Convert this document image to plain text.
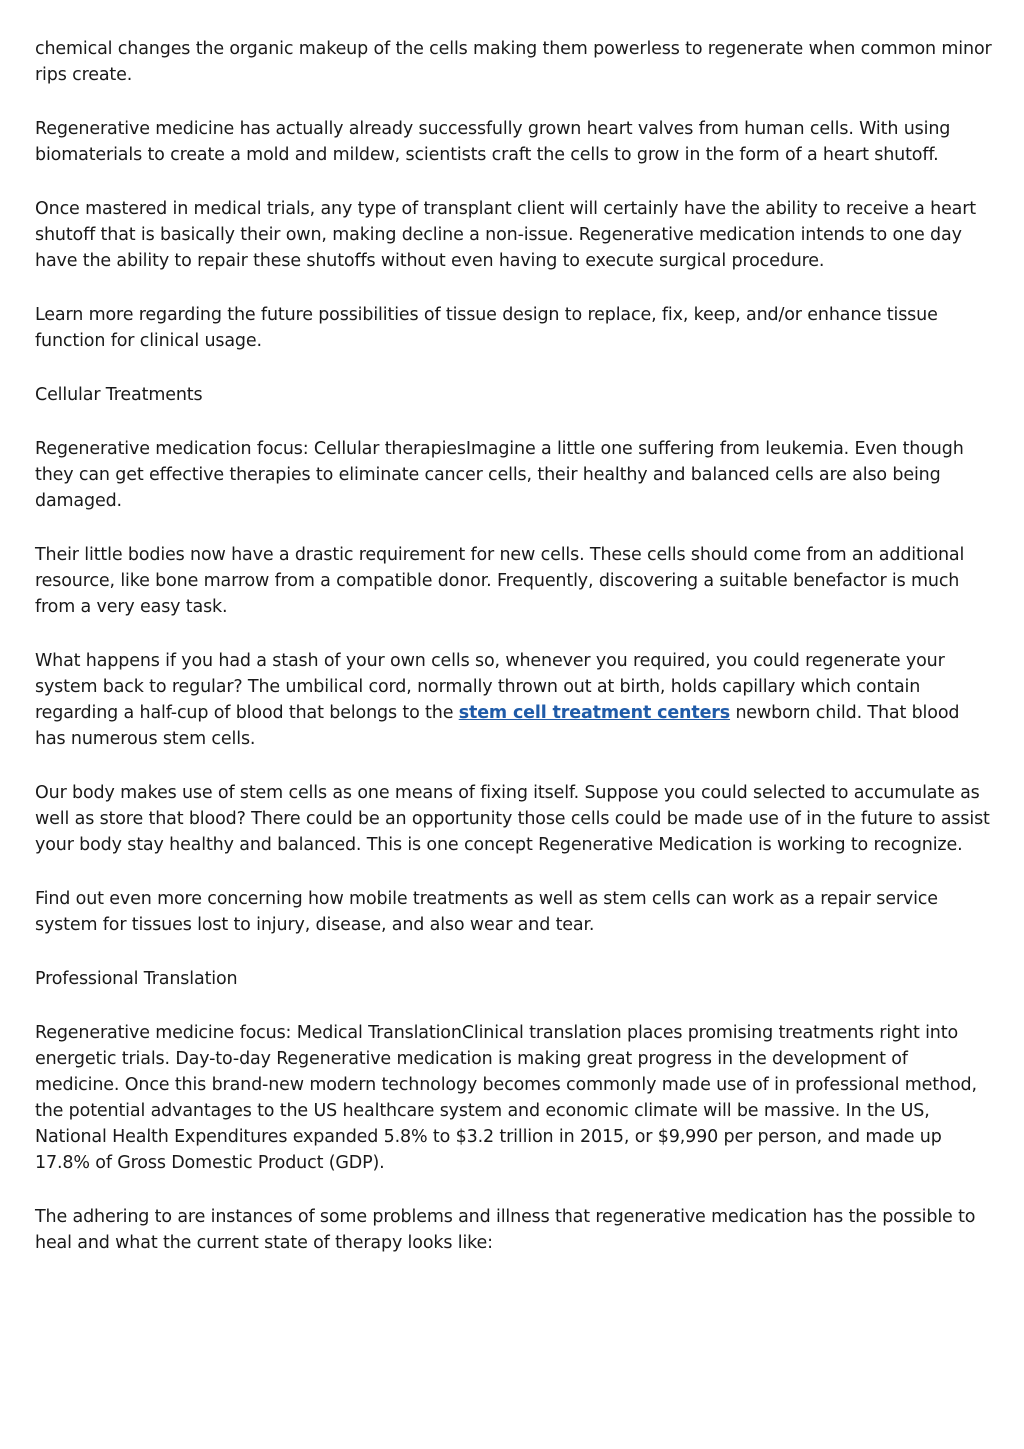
chemical changes the organic makeup of the cells making them powerless to regenerate when common minor rips create.

Regenerative medicine has actually already successfully grown heart valves from human cells. With using biomaterials to create a mold and mildew, scientists craft the cells to grow in the form of a heart shutoff.

Once mastered in medical trials, any type of transplant client will certainly have the ability to receive a heart shutoff that is basically their own, making decline a non-issue. Regenerative medication intends to one day have the ability to repair these shutoffs without even having to execute surgical procedure.

Learn more regarding the future possibilities of tissue design to replace, fix, keep, and/or enhance tissue function for clinical usage.

Cellular Treatments

Regenerative medication focus: Cellular therapiesImagine a little one suffering from leukemia. Even though they can get effective therapies to eliminate cancer cells, their healthy and balanced cells are also being damaged.

Their little bodies now have a drastic requirement for new cells. These cells should come from an additional resource, like bone marrow from a compatible donor. Frequently, discovering a suitable benefactor is much from a very easy task.

What happens if you had a stash of your own cells so, whenever you required, you could regenerate your system back to regular? The umbilical cord, normally thrown out at birth, holds capillary which contain regarding a half-cup of blood that belongs to the stem cell treatment centers newborn child. That blood has numerous stem cells.

Our body makes use of stem cells as one means of fixing itself. Suppose you could selected to accumulate as well as store that blood? There could be an opportunity those cells could be made use of in the future to assist your body stay healthy and balanced. This is one concept Regenerative Medication is working to recognize.

Find out even more concerning how mobile treatments as well as stem cells can work as a repair service system for tissues lost to injury, disease, and also wear and tear.

Professional Translation

Regenerative medicine focus: Medical TranslationClinical translation places promising treatments right into energetic trials. Day-to-day Regenerative medication is making great progress in the development of medicine. Once this brand-new modern technology becomes commonly made use of in professional method, the potential advantages to the US healthcare system and economic climate will be massive. In the US, National Health Expenditures expanded 5.8% to $3.2 trillion in 2015, or $9,990 per person, and made up 17.8% of Gross Domestic Product (GDP).

The adhering to are instances of some problems and illness that regenerative medication has the possible to heal and what the current state of therapy looks like:
